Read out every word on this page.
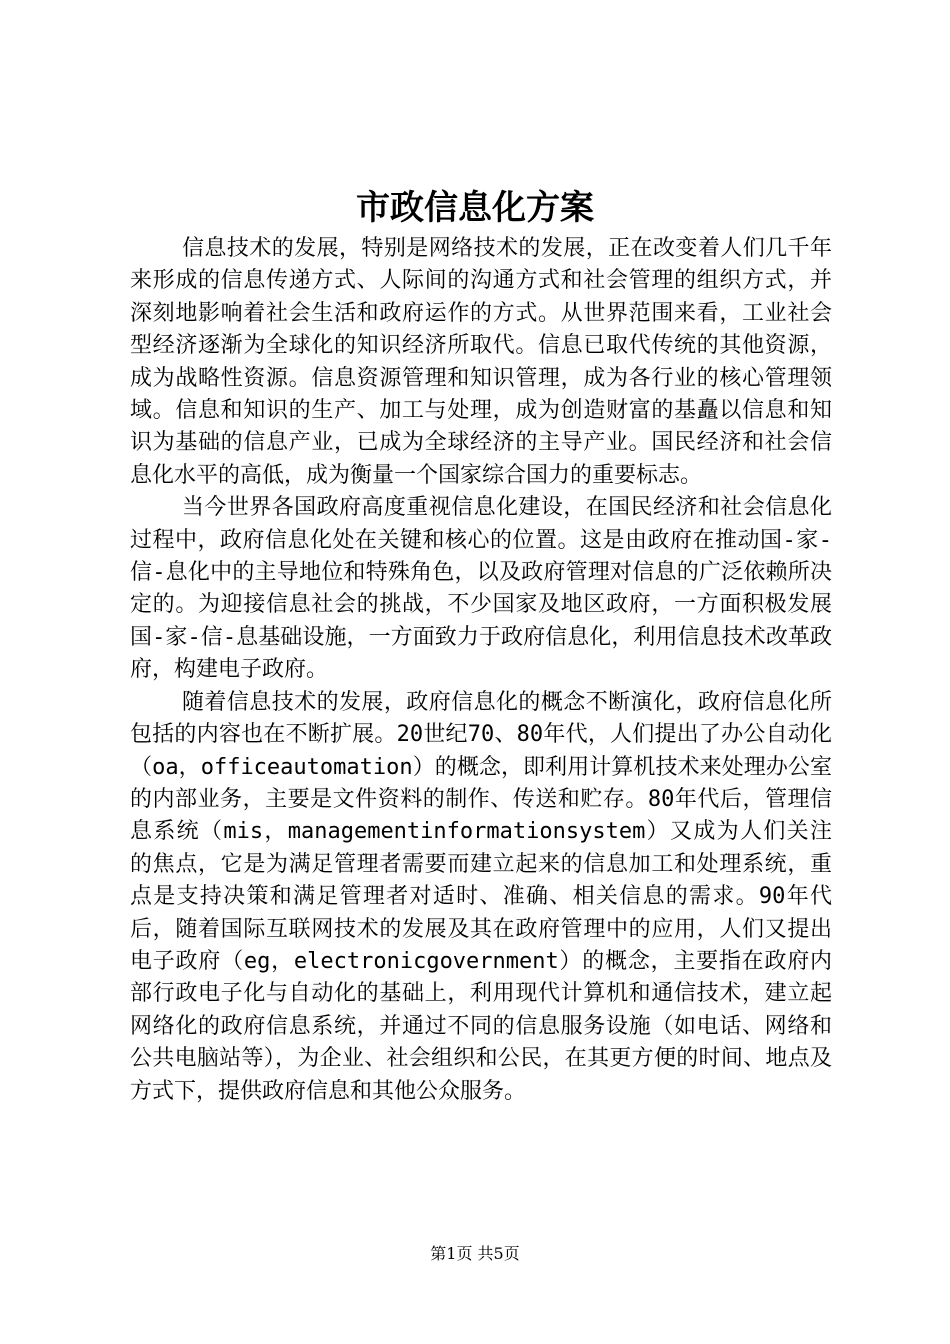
市政信息化方案

信息技术的发展，特别是网络技术的发展，正在改变着人们几千年来形成的信息传递方式、人际间的沟通方式和社会管理的组织方式，并深刻地影响着社会生活和政府运作的方式。从世界范围来看，工业社会型经济逐渐为全球化的知识经济所取代。信息已取代传统的其他资源，成为战略性资源。信息资源管理和知识管理，成为各行业的核心管理领域。信息和知识的生产、加工与处理，成为创造财富的基矗以信息和知识为基础的信息产业，已成为全球经济的主导产业。国民经济和社会信息化水平的高低，成为衡量一个国家综合国力的重要标志。

当今世界各国政府高度重视信息化建设，在国民经济和社会信息化过程中，政府信息化处在关键和核心的位置。这是由政府在推动国-家-信-息化中的主导地位和特殊角色，以及政府管理对信息的广泛依赖所决定的。为迎接信息社会的挑战，不少国家及地区政府，一方面积极发展国-家-信-息基础设施，一方面致力于政府信息化，利用信息技术改革政府，构建电子政府。

随着信息技术的发展，政府信息化的概念不断演化，政府信息化所包括的内容也在不断扩展。20世纪70、80年代，人们提出了办公自动化（oa，officeautomation）的概念，即利用计算机技术来处理办公室的内部业务，主要是文件资料的制作、传送和贮存。80年代后，管理信息系统（mis，managementinformationsystem）又成为人们关注的焦点，它是为满足管理者需要而建立起来的信息加工和处理系统，重点是支持决策和满足管理者对适时、准确、相关信息的需求。90年代后，随着国际互联网技术的发展及其在政府管理中的应用，人们又提出电子政府（eg，electronicgovernment）的概念，主要指在政府内部行政电子化与自动化的基础上，利用现代计算机和通信技术，建立起网络化的政府信息系统，并通过不同的信息服务设施（如电话、网络和公共电脑站等），为企业、社会组织和公民，在其更方便的时间、地点及方式下，提供政府信息和其他公众服务。

第1页 共5页
